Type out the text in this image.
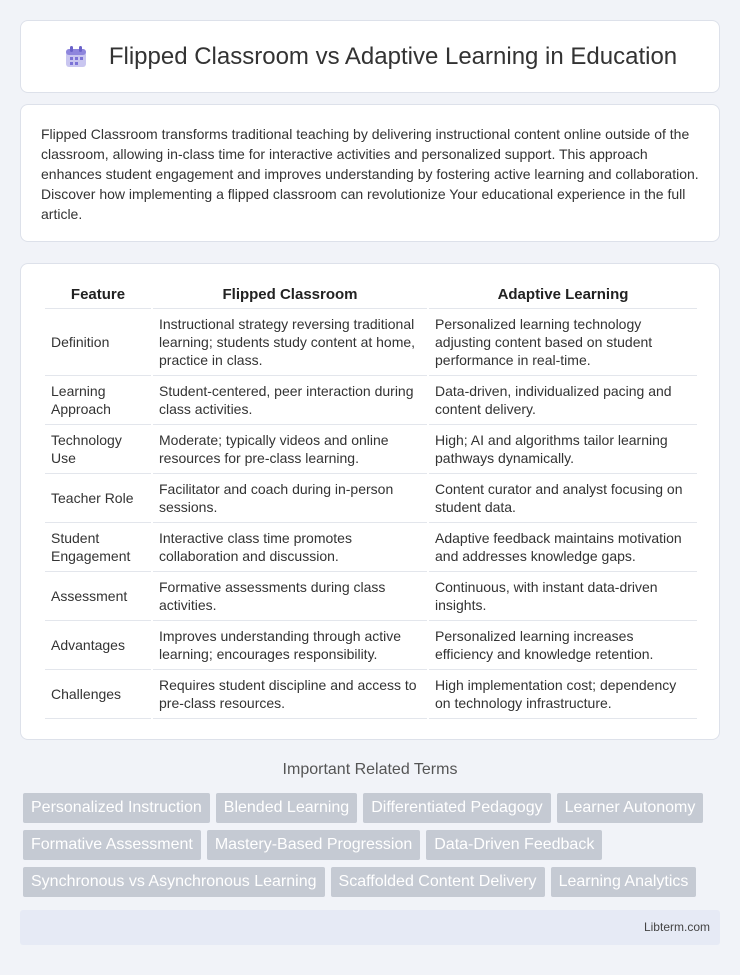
Flipped Classroom vs Adaptive Learning in Education

Flipped Classroom transforms traditional teaching by delivering instructional content online outside of the classroom, allowing in-class time for interactive activities and personalized support. This approach enhances student engagement and improves understanding by fostering active learning and collaboration. Discover how implementing a flipped classroom can revolutionize Your educational experience in the full article.

Feature	Flipped Classroom	Adaptive Learning
Definition	Instructional strategy reversing traditional learning; students study content at home, practice in class.	Personalized learning technology adjusting content based on student performance in real-time.
Learning Approach	Student-centered, peer interaction during class activities.	Data-driven, individualized pacing and content delivery.
Technology Use	Moderate; typically videos and online resources for pre-class learning.	High; AI and algorithms tailor learning pathways dynamically.
Teacher Role	Facilitator and coach during in-person sessions.	Content curator and analyst focusing on student data.
Student Engagement	Interactive class time promotes collaboration and discussion.	Adaptive feedback maintains motivation and addresses knowledge gaps.
Assessment	Formative assessments during class activities.	Continuous, with instant data-driven insights.
Advantages	Improves understanding through active learning; encourages responsibility.	Personalized learning increases efficiency and knowledge retention.
Challenges	Requires student discipline and access to pre-class resources.	High implementation cost; dependency on technology infrastructure.
Important Related Terms
Personalized Instruction	Blended Learning	Differentiated Pedagogy	Learner Autonomy
Formative Assessment	Mastery-Based Progression	Data-Driven Feedback
Synchronous vs Asynchronous Learning	Scaffolded Content Delivery	Learning Analytics
Libterm.com
